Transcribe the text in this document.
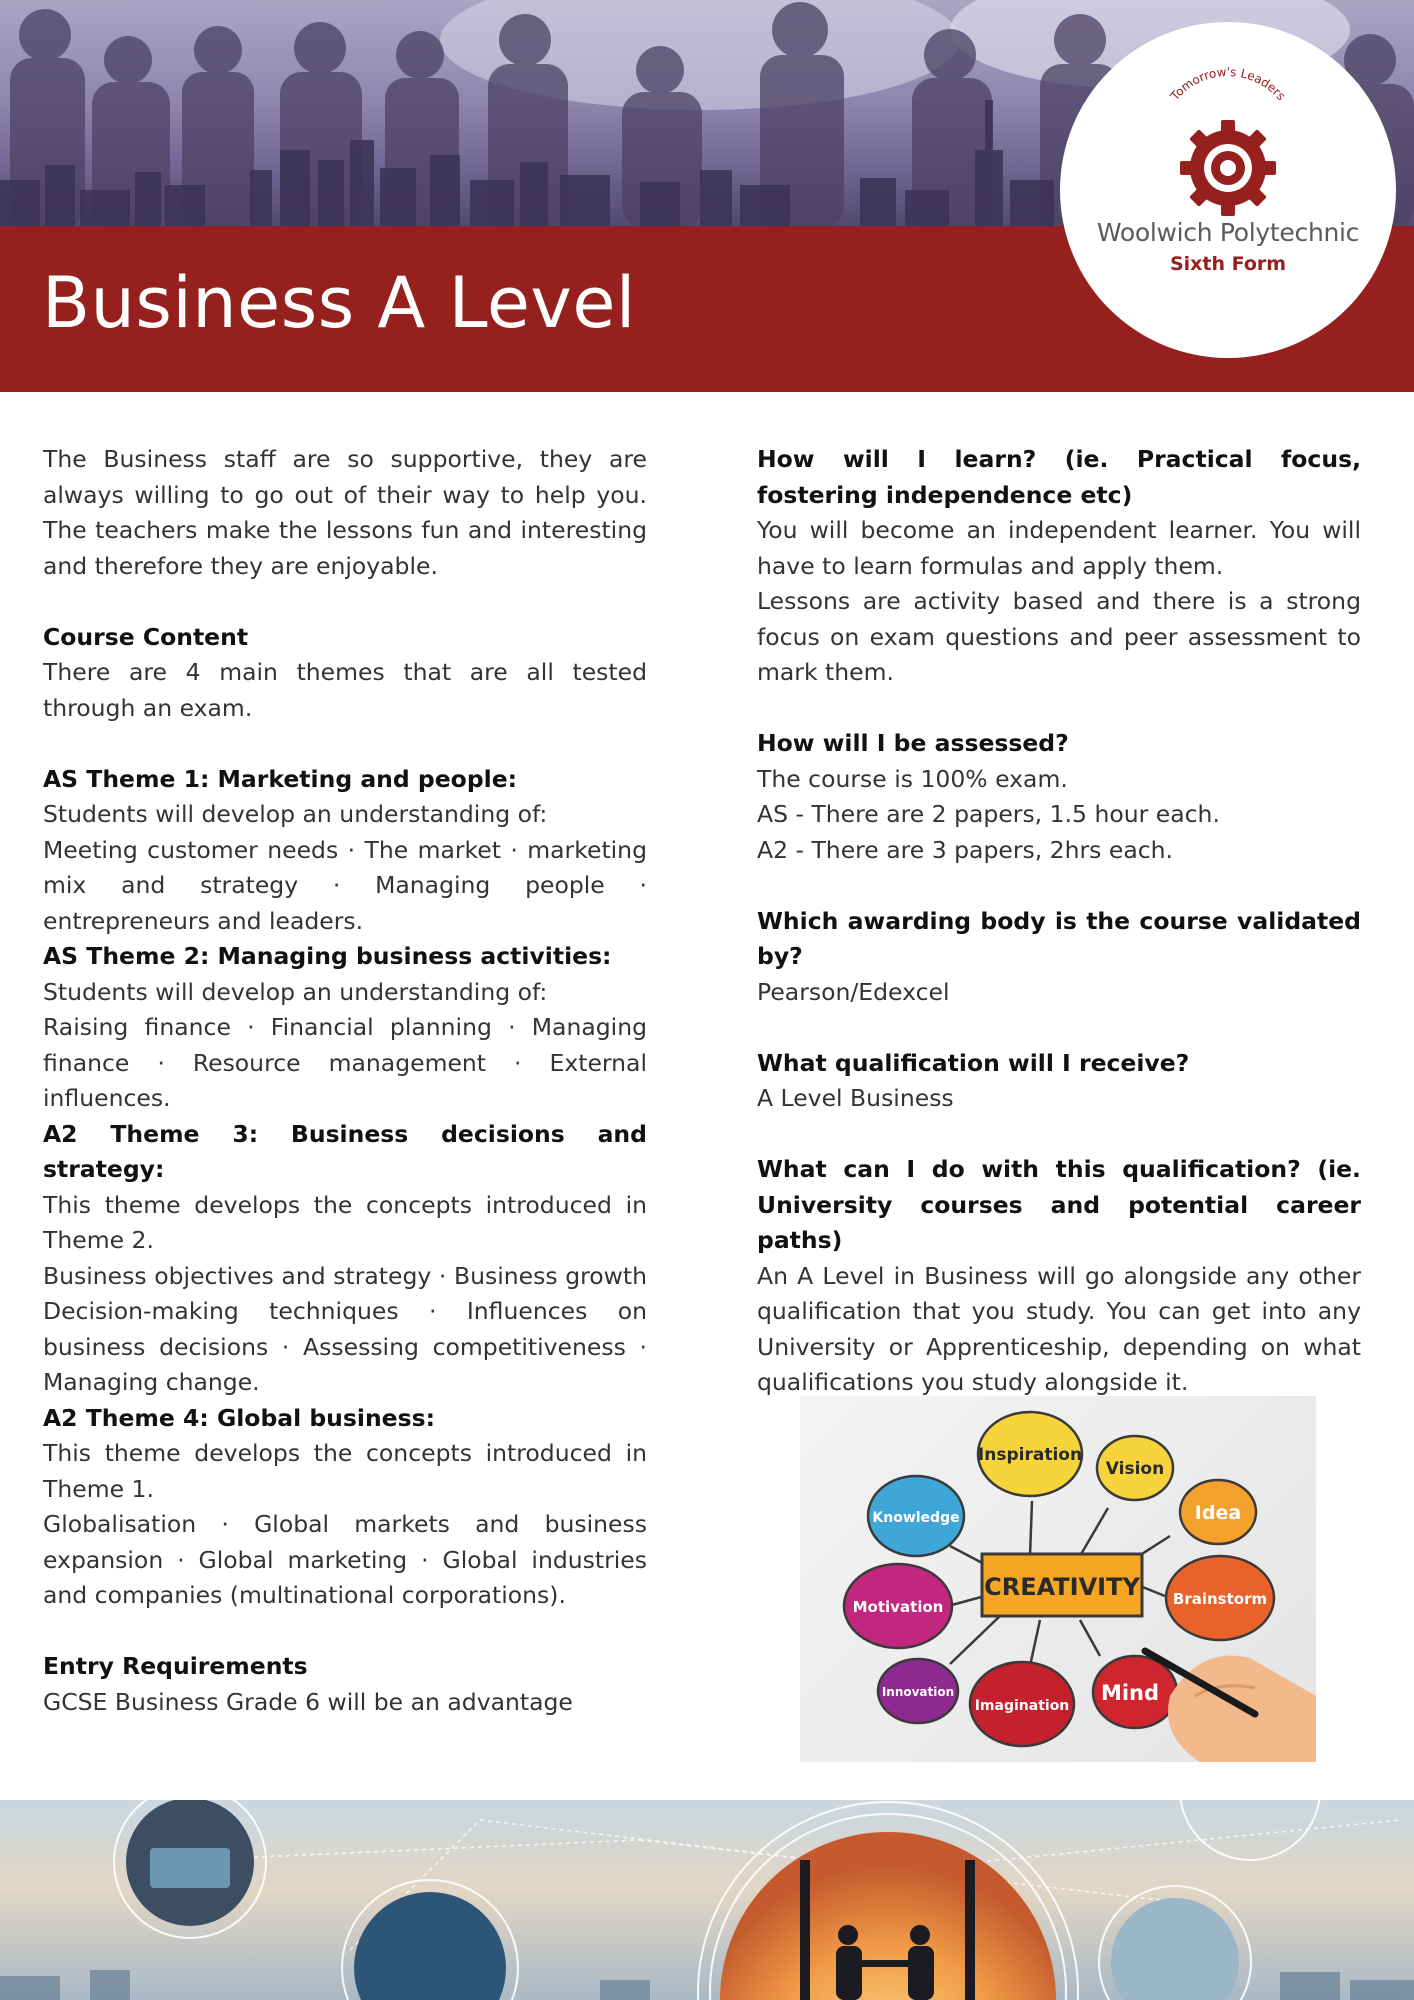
Business A Level
Tomorrow's Leaders
Woolwich Polytechnic
Sixth Form

The Business staff are so supportive, they are always willing to go out of their way to help you. The teachers make the lessons fun and interesting and therefore they are enjoyable.

Course Content

There are 4 main themes that are all tested through an exam.

AS Theme 1: Marketing and people:

Students will develop an understanding of:

Meeting customer needs · The market · marketing mix and strategy · Managing people · entrepreneurs and leaders.

AS Theme 2: Managing business activities:

Students will develop an understanding of:

Raising finance · Financial planning · Managing finance · Resource management · External influences.

A2 Theme 3: Business decisions and strategy:

This theme develops the concepts introduced in Theme 2.

Business objectives and strategy · Business growth Decision-making techniques · Influences on business decisions · Assessing competitiveness · Managing change.

A2 Theme 4: Global business:

This theme develops the concepts introduced in Theme 1.

Globalisation · Global markets and business expansion · Global marketing · Global industries and companies (multinational corporations).

Entry Requirements

GCSE Business Grade 6 will be an advantage

How will I learn? (ie. Practical focus, fostering independence etc)

You will become an independent learner. You will have to learn formulas and apply them.

Lessons are activity based and there is a strong focus on exam questions and peer assessment to mark them.

How will I be assessed?

The course is 100% exam.

AS - There are 2 papers, 1.5 hour each.

A2 - There are 3 papers, 2hrs each.

Which awarding body is the course validated by?

Pearson/Edexcel

What qualification will I receive?

A Level Business

What can I do with this qualification? (ie. University courses and potential career paths)

An A Level in Business will go alongside any other qualification that you study. You can get into any University or Apprenticeship, depending on what qualifications you study alongside it.

Inspiration
Vision
Idea
Knowledge
CREATIVITY Brainstorm
Motivation
Innovation
Imagination
Mind
